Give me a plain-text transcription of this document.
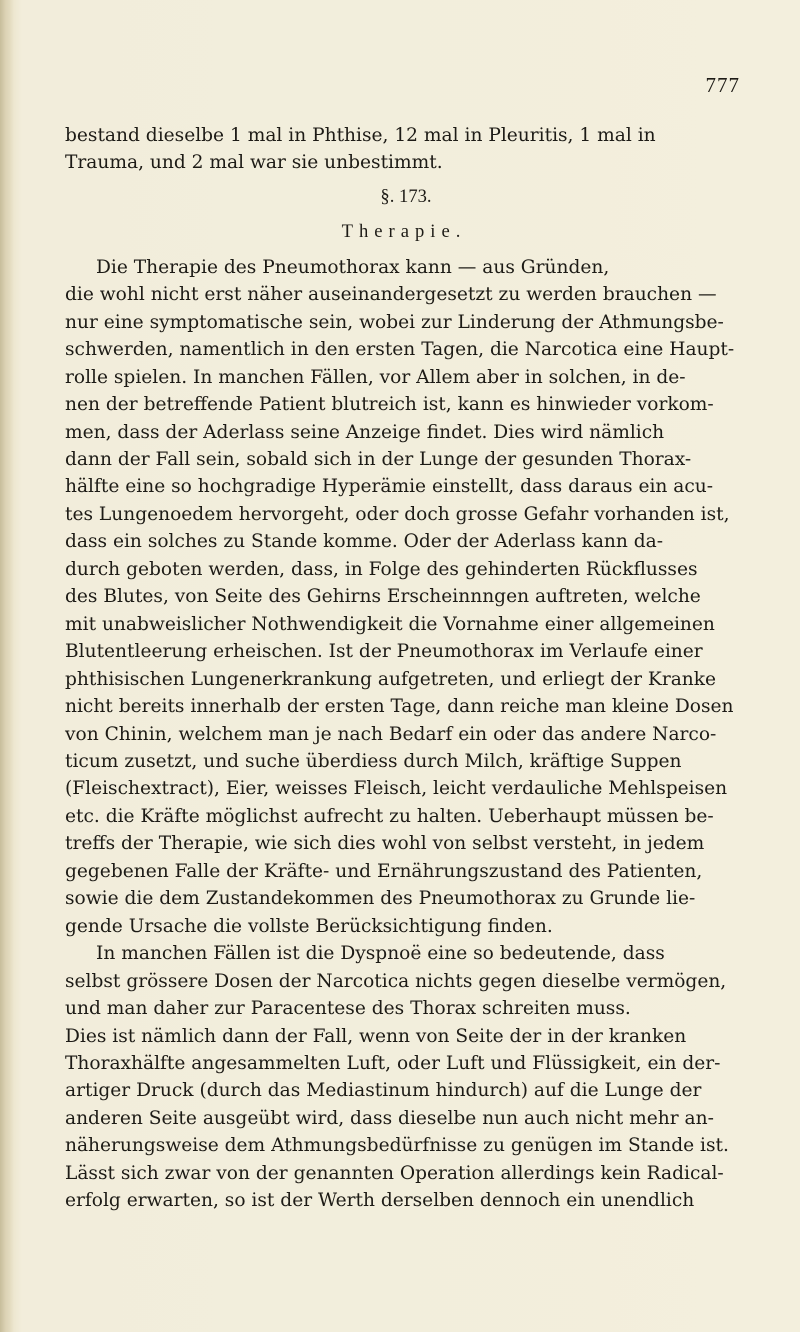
777
bestand dieselbe 1 mal in Phthise, 12 mal in Pleuritis, 1 mal in
Trauma, und 2 mal war sie unbestimmt.
§. 173.
Therapie.
Die Therapie des Pneumothorax kann — aus Gründen,
die wohl nicht erst näher auseinandergesetzt zu werden brauchen —
nur eine symptomatische sein, wobei zur Linderung der Athmungsbe-
schwerden, namentlich in den ersten Tagen, die Narcotica eine Haupt-
rolle spielen. In manchen Fällen, vor Allem aber in solchen, in de-
nen der betreffende Patient blutreich ist, kann es hinwieder vorkom-
men, dass der Aderlass seine Anzeige findet. Dies wird nämlich
dann der Fall sein, sobald sich in der Lunge der gesunden Thorax-
hälfte eine so hochgradige Hyperämie einstellt, dass daraus ein acu-
tes Lungenoedem hervorgeht, oder doch grosse Gefahr vorhanden ist,
dass ein solches zu Stande komme. Oder der Aderlass kann da-
durch geboten werden, dass, in Folge des gehinderten Rückflusses
des Blutes, von Seite des Gehirns Erscheinnngen auftreten, welche
mit unabweislicher Nothwendigkeit die Vornahme einer allgemeinen
Blutentleerung erheischen. Ist der Pneumothorax im Verlaufe einer
phthisischen Lungenerkrankung aufgetreten, und erliegt der Kranke
nicht bereits innerhalb der ersten Tage, dann reiche man kleine Dosen
von Chinin, welchem man je nach Bedarf ein oder das andere Narco-
ticum zusetzt, und suche überdiess durch Milch, kräftige Suppen
(Fleischextract), Eier, weisses Fleisch, leicht verdauliche Mehlspeisen
etc. die Kräfte möglichst aufrecht zu halten. Ueberhaupt müssen be-
treffs der Therapie, wie sich dies wohl von selbst versteht, in jedem
gegebenen Falle der Kräfte- und Ernährungszustand des Patienten,
sowie die dem Zustandekommen des Pneumothorax zu Grunde lie-
gende Ursache die vollste Berücksichtigung finden.
In manchen Fällen ist die Dyspnoë eine so bedeutende, dass
selbst grössere Dosen der Narcotica nichts gegen dieselbe vermögen,
und man daher zur Paracentese des Thorax schreiten muss.
Dies ist nämlich dann der Fall, wenn von Seite der in der kranken
Thoraxhälfte angesammelten Luft, oder Luft und Flüssigkeit, ein der-
artiger Druck (durch das Mediastinum hindurch) auf die Lunge der
anderen Seite ausgeübt wird, dass dieselbe nun auch nicht mehr an-
näherungsweise dem Athmungsbedürfnisse zu genügen im Stande ist.
Lässt sich zwar von der genannten Operation allerdings kein Radical-
erfolg erwarten, so ist der Werth derselben dennoch ein unendlich
